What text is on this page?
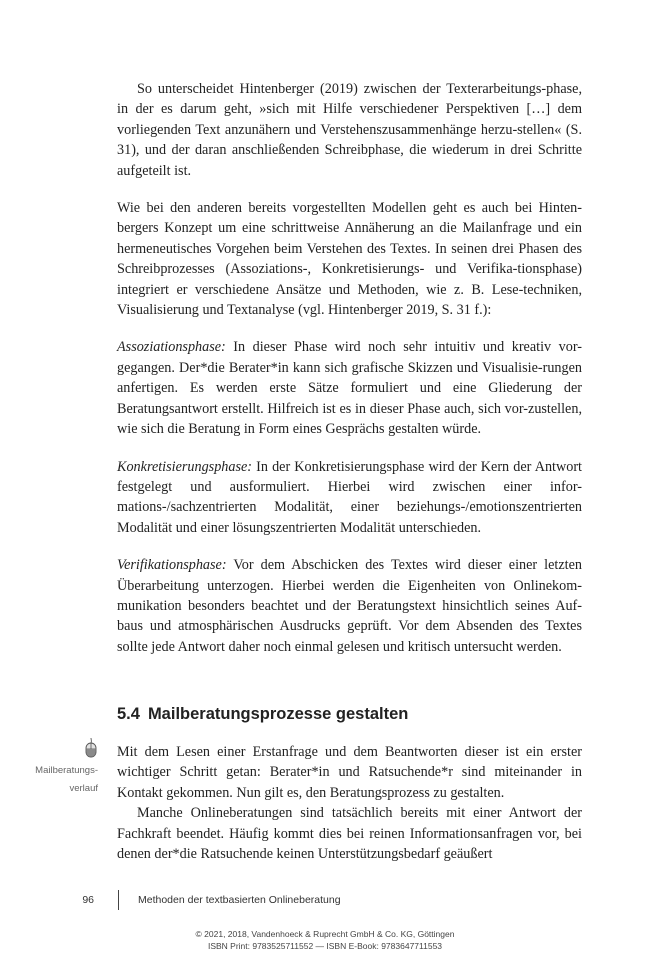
So unterscheidet Hintenberger (2019) zwischen der Texterarbeitungs-phase, in der es darum geht, »sich mit Hilfe verschiedener Perspektiven […] dem vorliegenden Text anzunähern und Verstehenszusammenhänge herzu-stellen« (S. 31), und der daran anschließenden Schreibphase, die wiederum in drei Schritte aufgeteilt ist.

Wie bei den anderen bereits vorgestellten Modellen geht es auch bei Hinten-bergers Konzept um eine schrittweise Annäherung an die Mailanfrage und ein hermeneutisches Vorgehen beim Verstehen des Textes. In seinen drei Phasen des Schreibprozesses (Assoziations-, Konkretisierungs- und Verifika-tionsphase) integriert er verschiedene Ansätze und Methoden, wie z. B. Lese-techniken, Visualisierung und Textanalyse (vgl. Hintenberger 2019, S. 31 f.):

Assoziationsphase: In dieser Phase wird noch sehr intuitiv und kreativ vor-gegangen. Der*die Berater*in kann sich grafische Skizzen und Visualisie-rungen anfertigen. Es werden erste Sätze formuliert und eine Gliederung der Beratungsantwort erstellt. Hilfreich ist es in dieser Phase auch, sich vor-zustellen, wie sich die Beratung in Form eines Gesprächs gestalten würde.

Konkretisierungsphase: In der Konkretisierungsphase wird der Kern der Antwort festgelegt und ausformuliert. Hierbei wird zwischen einer infor-mations-/sachzentrierten Modalität, einer beziehungs-/emotionszentrierten Modalität und einer lösungszentrierten Modalität unterschieden.

Verifikationsphase: Vor dem Abschicken des Textes wird dieser einer letzten Überarbeitung unterzogen. Hierbei werden die Eigenheiten von Onlinekom-munikation besonders beachtet und der Beratungstext hinsichtlich seines Auf-baus und atmosphärischen Ausdrucks geprüft. Vor dem Absenden des Textes sollte jede Antwort daher noch einmal gelesen und kritisch untersucht werden.

5.4 Mailberatungsprozesse gestalten
Mailberatungs-verlauf

Mit dem Lesen einer Erstanfrage und dem Beantworten dieser ist ein erster wichtiger Schritt getan: Berater*in und Ratsuchende*r sind miteinander in Kontakt gekommen. Nun gilt es, den Beratungsprozess zu gestalten.

Manche Onlineberatungen sind tatsächlich bereits mit einer Antwort der Fachkraft beendet. Häufig kommt dies bei reinen Informationsanfragen vor, bei denen der*die Ratsuchende keinen Unterstützungsbedarf geäußert

96	Methoden der textbasierten Onlineberatung
© 2021, 2018, Vandenhoeck & Ruprecht GmbH & Co. KG, Göttingen
ISBN Print: 9783525711552 — ISBN E-Book: 9783647711553
